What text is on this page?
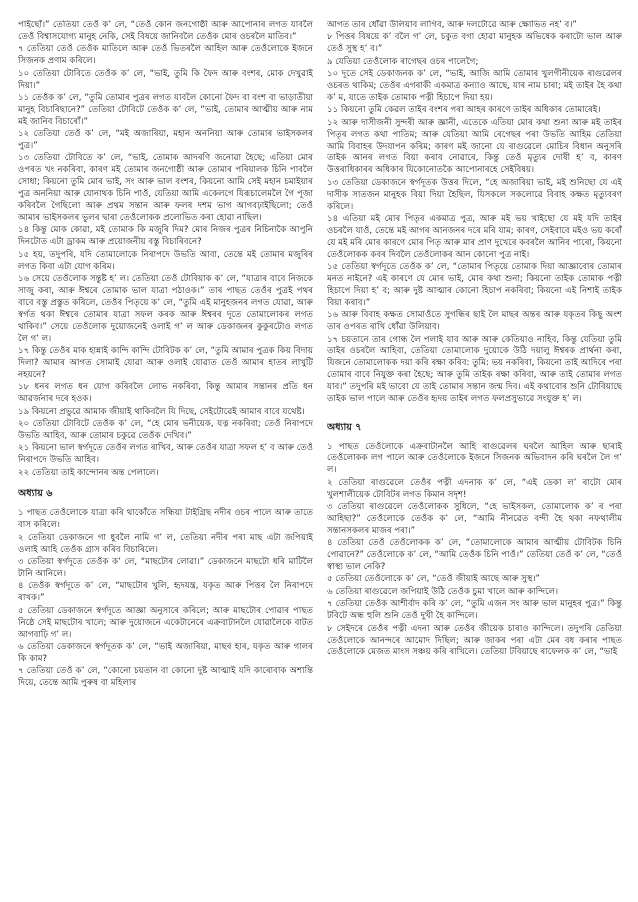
পাইছোঁ।” তেতিয়া তেওঁ ক’ লে, “তেওঁ কোন জনগোষ্ঠী আৰু আপোনাৰ লগত যাবলৈ তেওঁ বিশ্বাসযোগ্য মানুহ নেকি, সেই বিষয়ে জানিবলৈ তেওঁক মোৰ ওচৰলৈ মাতিব।”

৭ তেতিয়া তেওঁ তেওঁক মাতিলে আৰু তেওঁ ভিতৰলৈ আহিল আৰু তেওঁলোকে ইজনে সিজনক প্ৰণাম কৰিলে।

১০ তেতিয়া টোবিতে তেওঁক ক’ লে, “ভাই, তুমি কি ফৈদ আৰু বংশৰ, মোক দেখুৱাই দিয়া।”

১১ তেওঁক ক’ লে, “তুমি তোমাৰ পুত্ৰৰ লগত যাবলৈ কোনো ফৈদ বা বংশ বা ভাড়াতীয়া মানুহ বিচাৰিছানে?” তেতিয়া টোবিটে তেওঁক ক’ লে, “ভাই, তোমাৰ আত্মীয় আৰু নাম মই জানিব বিচাৰোঁ।”

১২ তেতিয়া তেওঁ ক’ লে, “মই অজাৰিয়া, মহান অননিয়া আৰু তোমাৰ ভাইসকলৰ পুত্ৰ।”

১৩ তেতিয়া টোবিতে ক’ লে, “ভাই, তোমাক আদৰণি জনোৱা হৈছে; এতিয়া মোৰ ওপৰত খং নকৰিবা, কাৰণ মই তোমাৰ জনগোষ্ঠী আৰু তোমাৰ পৰিয়ালক চিনি পাবলৈ সোধা; কিয়নো তুমি মোৰ ভাই, সং আৰু ভাল বংশৰ, কিয়নো আমি সেই মহান চমাইয়াৰ পুত্ৰ অননিয়া আৰু যোনাথক চিনি পাওঁ, যেতিয়া আমি একেলগে যিৰূচালেমলৈ গৈ পূজা কৰিবলৈ গৈছিলো আৰু প্ৰথম সন্তান আৰু ফলৰ দশম ভাগ আগবঢ়াইছিলো; তেওঁ আমাৰ ভাইসকলৰ ভুলৰ দ্বাৰা তেওঁলোকক প্ৰলোভিত কৰা হোৱা নাছিল।

১৪ কিন্তু মোক কোৱা, মই তোমাক কি মজুৰি দিম? মোৰ নিজৰ পুত্ৰৰ নিচিনাকৈ আপুনি দিনটোত এটা ড্ৰাকম আৰু প্ৰয়োজনীয় বস্তু বিচাৰিবনে?

১৫ হয়, তদুপৰি, যদি তোমালোকে নিৰাপদে উভতি আবা, তেন্তে মই তোমাৰ মজুৰিৰ লগত কিবা এটা যোগ কৰিম।

১৬ সেয়ে তেওঁলোক সন্তুষ্ট হ’ ল। তেতিয়া তেওঁ টোবিয়াক ক’ লে, “যাত্ৰাৰ বাবে নিজকে সাজু কৰা, আৰু ঈশ্বৰে তোমাক ভাল যাত্ৰা পঠাওক।” তাৰ পাছত তেওঁৰ পুত্ৰই পথৰ বাবে বস্তু প্ৰস্তুত কৰিলে, তেওঁৰ পিতৃয়ে ক’ লে, “তুমি এই মানুহজনৰ লগত যোৱা, আৰু স্বৰ্গত থকা ঈশ্বৰে তোমাৰ যাত্ৰা সফল কৰক আৰু ঈশ্বৰৰ দূতে তোমালোকৰ লগত থাকিব।” সেয়ে তেওঁলোক দুয়োজনেই ওলাই গ’ ল আৰু ডেকাজনৰ কুকুৰটোও লগত লৈ গ’ ল।

১৭ কিন্তু তেওঁৰ মাক হান্নাই কান্দি কান্দি টোবিটক ক’ লে, “তুমি আমাৰ পুত্ৰক কিয় বিদায় দিলা? আমাৰ আগত সোমাই যোৱা আৰু ওলাই যোৱাত তেওঁ আমাৰ হাতৰ লাখুটি নহয়নে?

১৮ ধনৰ লগত ধন যোগ কৰিবলৈ লোভ নকৰিবা, কিন্তু আমাৰ সন্তানৰ প্ৰতি ধন আৱৰ্জনাৰ দৰে হওক।

১৯ কিয়নো প্ৰভুৱে আমাক জীয়াই থাকিবলৈ যি দিছে, সেইটোৱেই আমাৰ বাবে যথেষ্ট।

২০ তেতিয়া টোবিটে তেওঁক ক’ লে, “হে মোৰ ভনীয়েক, যত্ন নকৰিবা; তেওঁ নিৰাপদে উভতি আহিব, আৰু তোমাৰ চকুৱে তেওঁক দেখিব।”

২১ কিয়নো ভাল স্বৰ্গদূতে তেওঁৰ লগত ৰাখিব, আৰু তেওঁৰ যাত্ৰা সফল হ’ ব আৰু তেওঁ নিৰাপদে উভতি আহিব।

২২ তেতিয়া তাই কান্দোনৰ অন্ত পেলালে।

অধ্যায় ৬

১ পাছত তেওঁলোকে যাত্ৰা কৰি থাকোঁতে সন্ধিয়া টাইগ্ৰিছ নদীৰ ওচৰ পালে আৰু তাতে বাস কৰিলে।

২ তেতিয়া ডেকাজনে গা ধুবলৈ নামি গ’ ল, তেতিয়া নদীৰ পৰা মাছ এটা জপিয়াই ওলাই আহি তেওঁক গ্ৰাস কৰিব বিচাৰিলে।

৩ তেতিয়া স্বৰ্গদূতে তেওঁক ক’ লে, “মাছটোৰ লোৱা।” ডেকাজনে মাছটো ধৰি মাটিলৈ টানি আনিলে।

৪ তেওঁক স্বৰ্গদূতে ক’ লে, “মাছটোৰ খুলি, হৃদযন্ত্ৰ, যকৃত আৰু পিত্তৰ লৈ নিৰাপদে ৰাখক।”

৫ তেতিয়া ডেকাজনে স্বৰ্গদূতে আজ্ঞা অনুসাৰে কৰিলে; আৰু মাছটোৰ পোৱাৰ পাছত নিষ্ঠে সেই মাছটোৰ খালে; আৰু দুয়োজনে একেটানেৰে এক্ৰবাটানলৈ যোৱালৈকে বাটত আগবাঢ়ি গ’ ল।

৬ তেতিয়া ডেকাজনে স্বৰ্গদূতক ক’ লে, “ভাই অজাৰিয়া, মাছৰ হাৰ, যকৃত আৰু গালৰ কি কাম?

৭ তেতিয়া তেওঁ ক’ লে, “কোনো চয়তান বা কোনো দুষ্ট আত্মাই যদি কাৰোবাক অশান্তি দিয়ে, তেন্তে আমি পুৰুষ বা মহিলাৰ

আগত তাৰ ধোঁৱা উলিয়াব লাগিব, আৰু দলটোৱে আৰু ক্ষোভিত নহ’ ব।”

৮ পিত্তৰ বিষয়ে ক’ বলৈ গ’ লে, চকুত বগা হোৱা মানুহক অভিষেক কৰাটো ভাল আৰু তেওঁ সুস্থ হ’ ব।”

৯ যেতিয়া তেওঁলোক ৰাগেছৰ ওচৰ পালেগৈ;

১০ দূতে সেই ডেকাজনক ক’ লে, “ভাই, আজি আমি তোমাৰ খুলগীনীয়েক ৰাগুৱেলৰ ওচৰত থাকিম; তেওঁৰ এগৰাকী একমাত্ৰ কন্যাও আছে, যাৰ নাম চাৰা; মই তাইৰ হৈ কথা ক’ ম, যাতে তাইক তোমাক পত্নী হিচাপে দিয়া হয়।

১১ কিয়নো তুমি কেৱল তাইৰ বংশৰ পৰা আহৰ কাৰণে তাইৰ অধিকাৰ তোমাৰেই।

১২ আৰু দাসীজনী সুন্দৰী আৰু জ্ঞানী, এতেকে এতিয়া মোৰ কথা শুনা আৰু মই তাইৰ পিতৃৰ লগত কথা পাতিম; আৰু যেতিয়া আমি ৰেগেছৰ পৰা উভতি আহিম তেতিয়া আমি বিবাহৰ উদযাপন কৰিম; কাৰণ মই জানো যে ৰাগুৱেলে মোচিৰ বিধান অনুসৰি তাইক আনৰ লগত বিয়া কৰাব নোৱাৰে, কিন্তু তেওঁ মৃত্যুৰ দোষী হ’ ব, কাৰণ উত্তৰাধিকাৰৰ অধিকাৰ যিকোনোতকৈ আপোনাৰহে সেইবিষয়।

১৩ তেতিয়া ডেকাজনে স্বৰ্গদূতক উত্তৰ দিলে, “হে অজাৰিয়া ভাই, মই শুনিছো যে এই দাসীক সাতজন মানুহক বিয়া দিয়া হৈছিল, যিসকলে সকলোৱে বিবাহ কক্ষত মৃত্যুবৰণ কৰিলে।

১৪ এতিয়া মই মোৰ পিতৃৰ একমাত্ৰ পুত্ৰ, আৰু মই ভয় খাইছো যে মই যদি তাইৰ ওচৰলৈ যাওঁ, তেন্তে মই আগৰ আনজনৰ দৰে মৰি যাম; কাৰণ, সেইবাবে মইও ভয় কৰোঁ যে মই মৰি মোৰ কাৰণে মোৰ পিতৃ আৰু মাৰ প্ৰাণ দুখেৰে কবৰলৈ আনিব পাৰো, কিয়নো তেওঁলোকক কবৰ দিবলৈ তেওঁলোকৰ আন কোনো পুত্ৰ নাই।

১৫ তেতিয়া স্বৰ্গদূতে তেওঁক ক’ লে, “তোমাৰ পিতৃয়ে তোমাক দিয়া আজ্ঞাবোৰ তোমাৰ মনত নাইনে? এই কাৰণে যে মোৰ ভাই, মোৰ কথা শুনা; কিয়নো তাইক তোমাক পত্নী হিচাপে দিয়া হ’ ব; আৰু দুষ্ট আত্মাৰ কোনো হিচাপ নকৰিবা; কিয়নো এই নিশাই তাইক বিয়া কৰাব।”

১৬ আৰু বিবাহ কক্ষত সোমাওঁতে সুগন্ধিৰ ছাই লৈ মাছৰ অন্তৰ আৰু যকৃতৰ কিছু অংশ তাৰ ওপৰত ৰাখি ধোঁৱা উলিয়াব।

১৭ চয়তানে তাৰ গোন্ধ লৈ পলাই যাব আৰু আৰু কেতিয়াও নাহিব, কিন্তু যেতিয়া তুমি তাইৰ ওচৰলৈ আহিবা, তেতিয়া তোমালোক দুয়োকে উঠি দয়ালু ঈশ্বৰক প্ৰাৰ্থনা কৰা, যিজনে তোমালোকক দয়া কৰি ৰক্ষা কৰিব: তুমি: ভয় নকৰিবা, কিয়নো তাই আদিৰে পৰা তোমাৰ বাবে নিযুক্ত কৰা হৈছে; আৰু তুমি তাইক ৰক্ষা কৰিবা, আৰু তাই তোমাৰ লগত যাব।” তদুপৰি মই ভাবো যে তাই তোমাৰ সন্তান জন্ম দিব। এই কথাবোৰ শুনি টোবিয়াছে তাইক ভাল পালে আৰু তেওঁৰ হৃদয় তাইৰ লগত ফলপ্ৰসুভাৱে সংযুক্ত হ’ ল।

অধ্যায় ৭

১ পাছত তেওঁলোকে এক্ৰবাটানলৈ আহি ৰাগুৱেলৰ ঘৰলৈ আহিল আৰু ছাৰাই তেওঁলোকক লগ পালে আৰু তেওঁলোকে ইজনে সিজনক অভিবাদন কৰি ঘৰলৈ লৈ গ’ ল।

২ তেতিয়া ৰাগুৱেলে তেওঁৰ পত্নী এদনাক ক’ লে, “এই ডেকা ল’ ৰাটো মোৰ খুলশালীয়েক টোবিটৰ লগত কিমান সদৃশ!

৩ তেতিয়া ৰাগুৱেলে তেওঁলোকক সুধিলে, “হে ভাইসকল, তোমালোক ক’ ৰ পৰা আহিছা?” তেওঁলোকে তেওঁক ক’ লে, “আমি নীনৱেত বন্দী হৈ থকা নফথালীম সন্তানসকলৰ মাজৰ পৰা।”

৪ তেতিয়া তেওঁ তেওঁলোকক ক’ লে, “তোমালোকে আমাৰ আত্মীয় টোবিটক চিনি পোৱানে?” তেওঁলোকে ক’ লে, “আমি তেওঁক চিনি পাওঁ।” তেতিয়া তেওঁ ক’ লে, “তেওঁ স্বাস্থ্য ভাল নেকি?

৫ তেতিয়া তেওঁলোকে ক’ লে, “তেওঁ জীয়াই আছে আৰু সুস্থ।”

৬ তেতিয়া ৰাগুৱেলে জপিয়াই উঠি তেওঁক চুমা খালে আৰু কান্দিলে।

৭ তেতিয়া তেওঁক আশীৰ্বাদ কৰি ক’ লে, “তুমি এজন সং আৰু ভাল মানুহৰ পুত্ৰ।” কিন্তু টবিটে অন্ধ হুলি শুনি তেওঁ দুখী হৈ কান্দিলে।

৮ সেইদৰে তেওঁৰ পত্নী এদনা আৰু তেওঁৰ জীয়েক চাৰাও কান্দিলে। তদুপৰি তেতিয়া তেওঁলোকে আনন্দৰে আমোদ দিছিল; আৰু জাকৰ পৰা এটা মেৰ বধ কৰাৰ পাছত তেওঁলোকে মেজত মাংস সঞ্চয় কৰি ৰাখিলে। তেতিয়া টবিয়াছে ৰাফেলক ক’ লে, “ভাই
